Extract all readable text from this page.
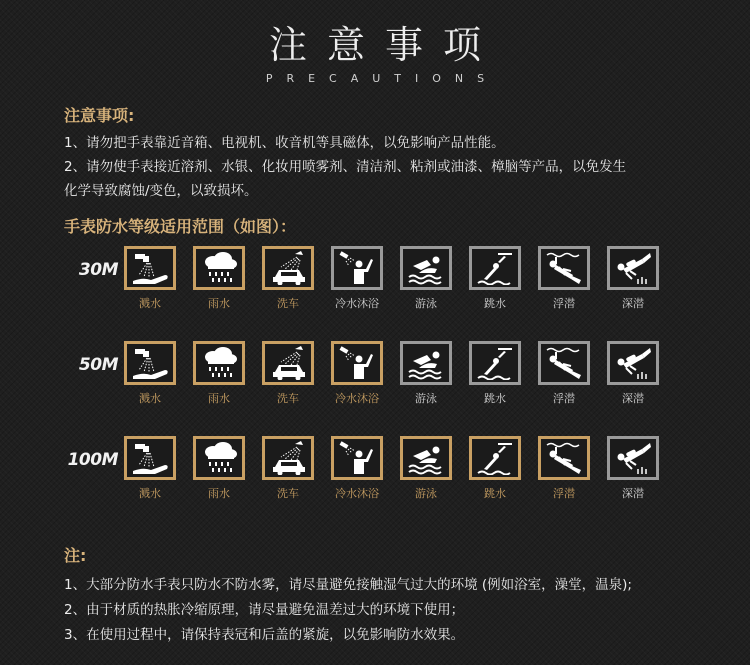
注意事项
PRECAUTIONS
注意事项:
1、请勿把手表靠近音箱、电视机、收音机等具磁体，以免影响产品性能。
2、请勿使手表接近溶剂、水银、化妆用喷雾剂、清洁剂、粘剂或油漆、樟脑等产品，以免发生
化学导致腐蚀/变色，以致损坏。
手表防水等级适用范围（如图）：
30M
溅水	雨水	洗车	冷水沐浴	游泳	跳水	浮潜	深潜
50M
溅水	雨水	洗车	冷水沐浴	游泳	跳水	浮潜	深潜
100M
溅水	雨水	洗车	冷水沐浴	游泳	跳水	浮潜	深潜
注:
1、大部分防水手表只防水不防水雾，请尽量避免接触湿气过大的环境 (例如浴室，澡堂，温泉);
2、由于材质的热胀冷缩原理，请尽量避免温差过大的环境下使用；
3、在使用过程中，请保持表冠和后盖的紧旋，以免影响防水效果。
